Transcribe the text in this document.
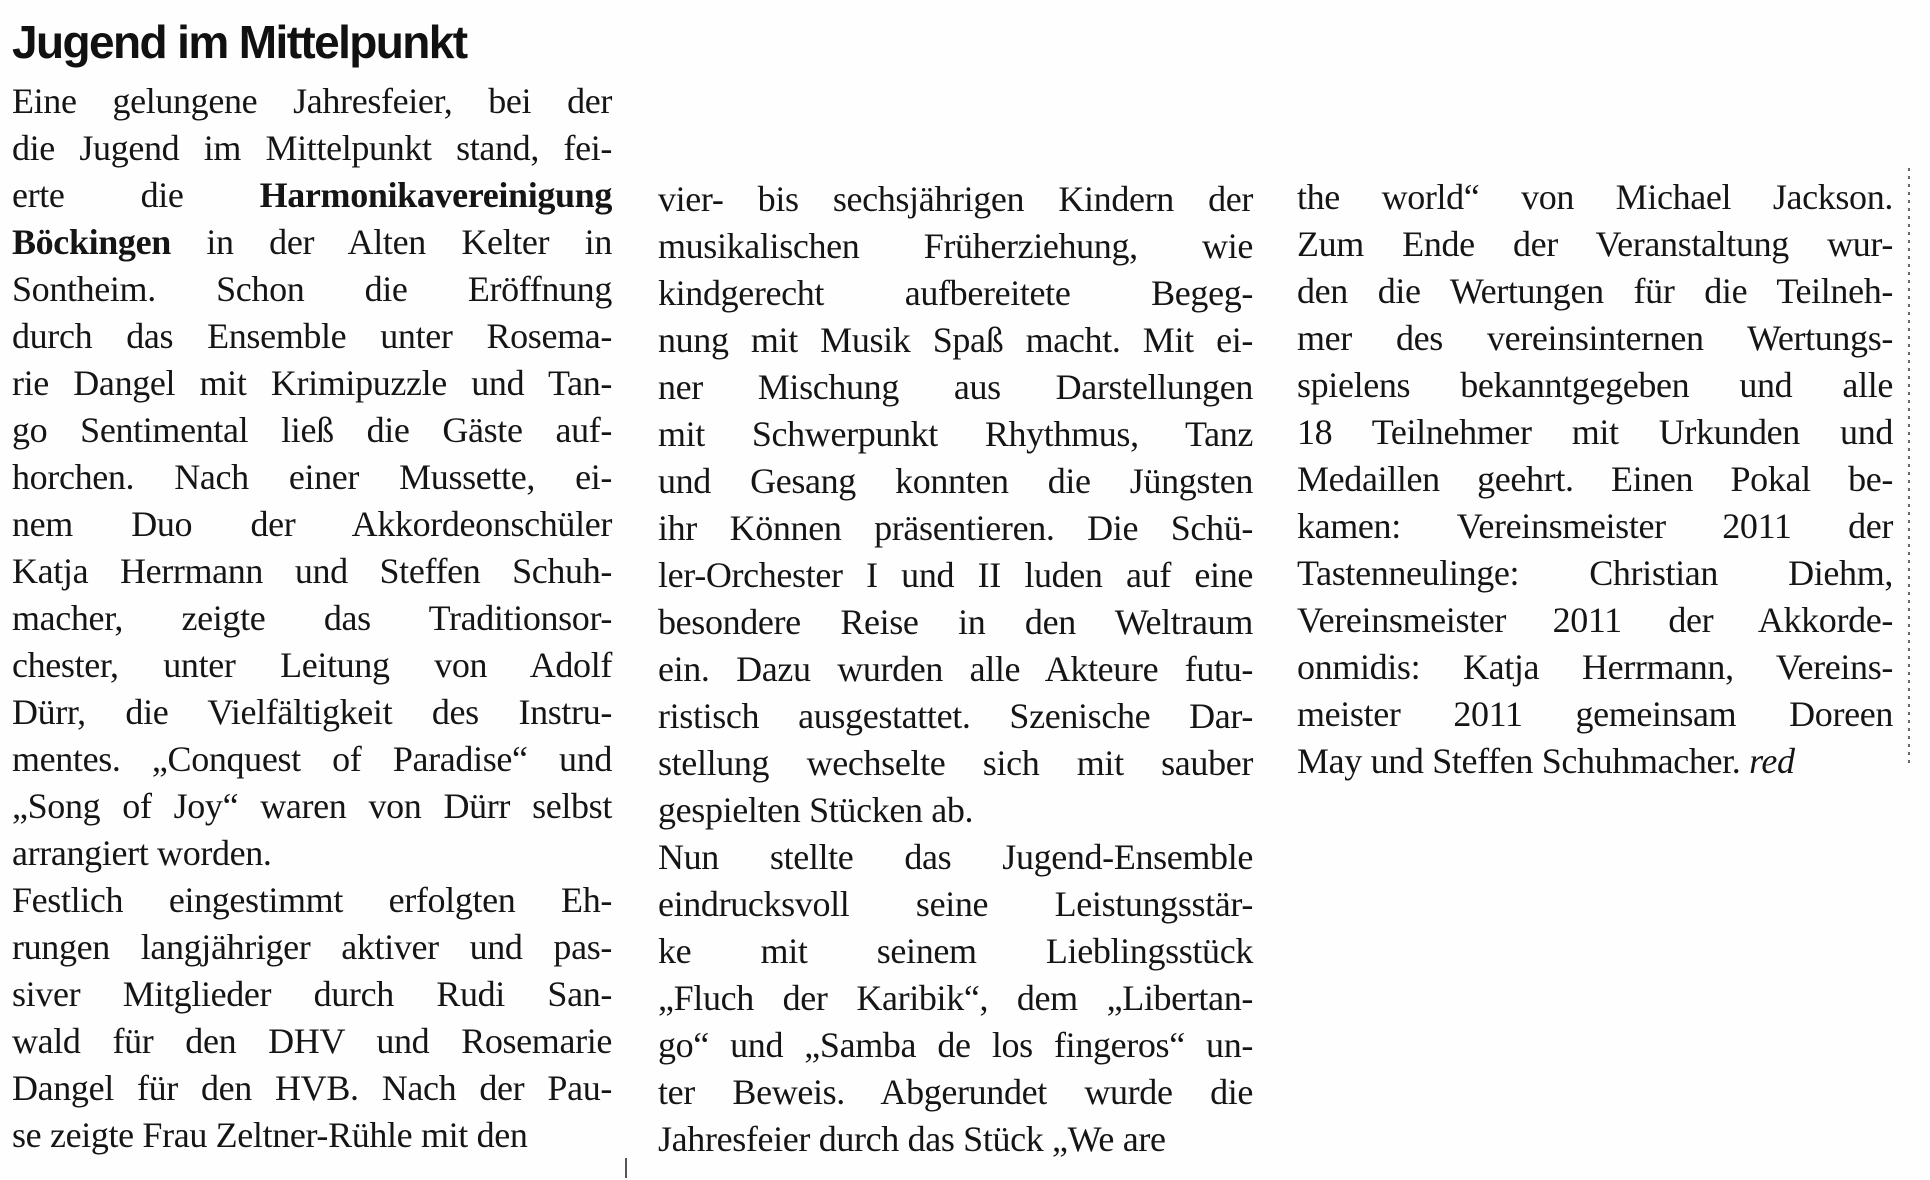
Jugend im Mittelpunkt
Eine gelungene Jahresfeier, bei der
die Jugend im Mittelpunkt stand, fei-
erte die Harmonikavereinigung
Böckingen in der Alten Kelter in
Sontheim. Schon die Eröffnung
durch das Ensemble unter Rosema-
rie Dangel mit Krimipuzzle und Tan-
go Sentimental ließ die Gäste auf-
horchen. Nach einer Mussette, ei-
nem Duo der Akkordeonschüler
Katja Herrmann und Steffen Schuh-
macher, zeigte das Traditionsor-
chester, unter Leitung von Adolf
Dürr, die Vielfältigkeit des Instru-
mentes. „Conquest of Paradise“ und
„Song of Joy“ waren von Dürr selbst
arrangiert worden.
Festlich eingestimmt erfolgten Eh-
rungen langjähriger aktiver und pas-
siver Mitglieder durch Rudi San-
wald für den DHV und Rosemarie
Dangel für den HVB. Nach der Pau-
se zeigte Frau Zeltner-Rühle mit den
vier- bis sechsjährigen Kindern der
musikalischen Früherziehung, wie
kindgerecht aufbereitete Begeg-
nung mit Musik Spaß macht. Mit ei-
ner Mischung aus Darstellungen
mit Schwerpunkt Rhythmus, Tanz
und Gesang konnten die Jüngsten
ihr Können präsentieren. Die Schü-
ler-Orchester I und II luden auf eine
besondere Reise in den Weltraum
ein. Dazu wurden alle Akteure futu-
ristisch ausgestattet. Szenische Dar-
stellung wechselte sich mit sauber
gespielten Stücken ab.
Nun stellte das Jugend-Ensemble
eindrucksvoll seine Leistungsstär-
ke mit seinem Lieblingsstück
„Fluch der Karibik“, dem „Libertan-
go“ und „Samba de los fingeros“ un-
ter Beweis. Abgerundet wurde die
Jahresfeier durch das Stück „We are
the world“ von Michael Jackson.
Zum Ende der Veranstaltung wur-
den die Wertungen für die Teilneh-
mer des vereinsinternen Wertungs-
spielens bekanntgegeben und alle
18 Teilnehmer mit Urkunden und
Medaillen geehrt. Einen Pokal be-
kamen: Vereinsmeister 2011 der
Tastenneulinge: Christian Diehm,
Vereinsmeister 2011 der Akkorde-
onmidis: Katja Herrmann, Vereins-
meister 2011 gemeinsam Doreen
May und Steffen Schuhmacher. red
